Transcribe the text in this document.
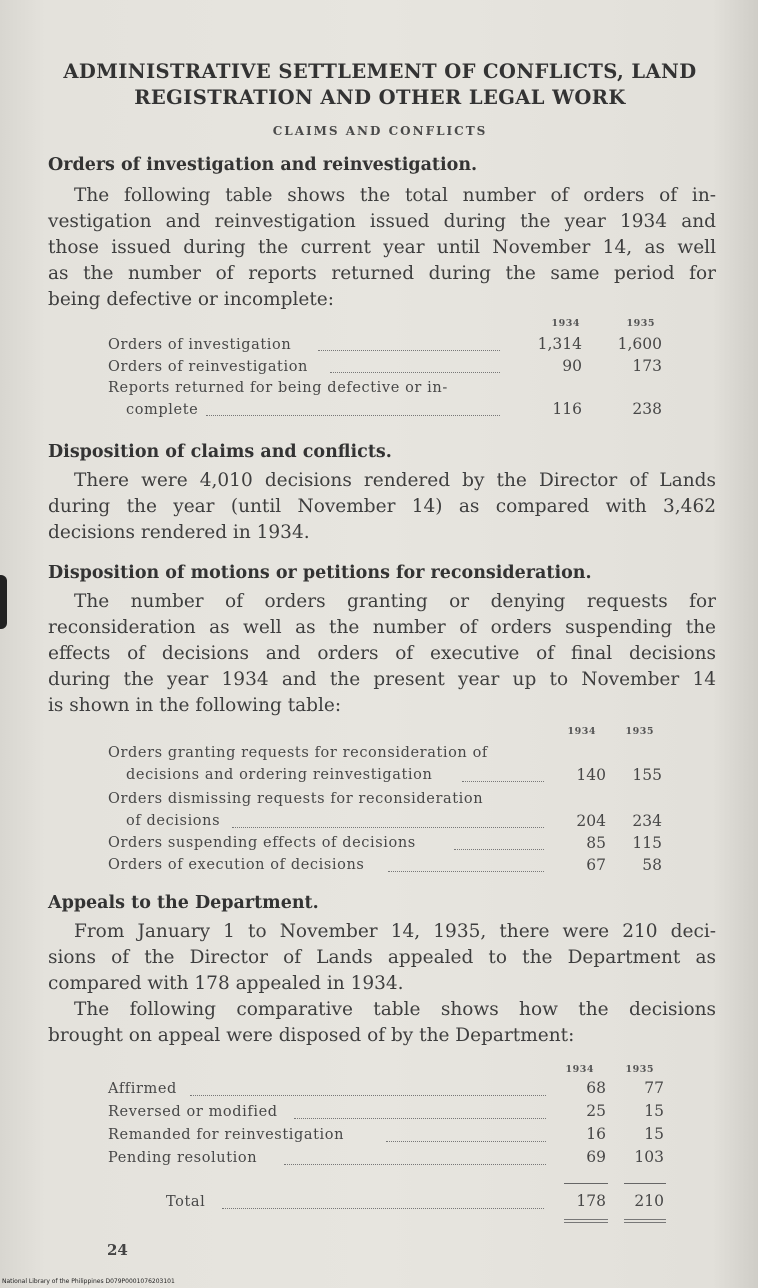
ADMINISTRATIVE SETTLEMENT OF CONFLICTS, LAND
REGISTRATION AND OTHER LEGAL WORK
CLAIMS AND CONFLICTS
Orders of investigation and reinvestigation.
The following table shows the total number of orders of in-
vestigation and reinvestigation issued during the year 1934 and
those issued during the current year until November 14, as well
as the number of reports returned during the same period for
being defective or incomplete:
1934	1935
Orders of investigation	1,314	1,600
Orders of reinvestigation	90	173
Reports returned for being defective or in-
complete	116	238
Disposition of claims and conflicts.
There were 4,010 decisions rendered by the Director of Lands
during the year (until November 14) as compared with 3,462
decisions rendered in 1934.
Disposition of motions or petitions for reconsideration.
The number of orders granting or denying requests for
reconsideration as well as the number of orders suspending the
effects of decisions and orders of executive of final decisions
during the year 1934 and the present year up to November 14
is shown in the following table:
1934	1935
Orders granting requests for reconsideration of
decisions and ordering reinvestigation	140	155
Orders dismissing requests for reconsideration
of decisions	204	234
Orders suspending effects of decisions	85	115
Orders of execution of decisions	67	58
Appeals to the Department.
From January 1 to November 14, 1935, there were 210 deci-
sions of the Director of Lands appealed to the Department as
compared with 178 appealed in 1934.
The following comparative table shows how the decisions
brought on appeal were disposed of by the Department:
1934	1935
Affirmed	68	77
Reversed or modified	25	15
Remanded for reinvestigation	16	15
Pending resolution	69	103
Total	178	210
24
National Library of the Philippines D079P0001076203101
